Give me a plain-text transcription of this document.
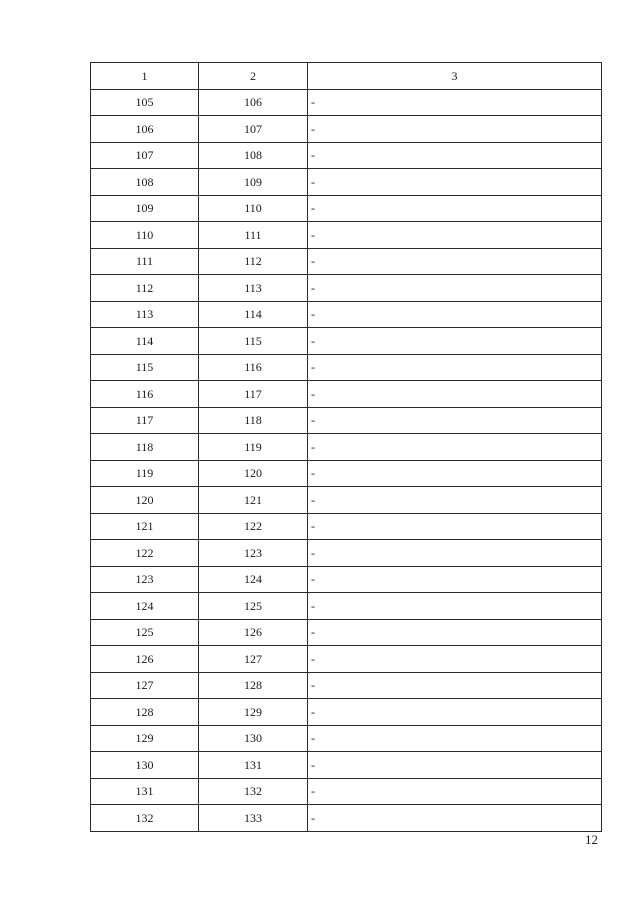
1	2	3
105	106	-
106	107	-
107	108	-
108	109	-
109	110	-
110	111	-
111	112	-
112	113	-
113	114	-
114	115	-
115	116	-
116	117	-
117	118	-
118	119	-
119	120	-
120	121	-
121	122	-
122	123	-
123	124	-
124	125	-
125	126	-
126	127	-
127	128	-
128	129	-
129	130	-
130	131	-
131	132	-
132	133	-
12
